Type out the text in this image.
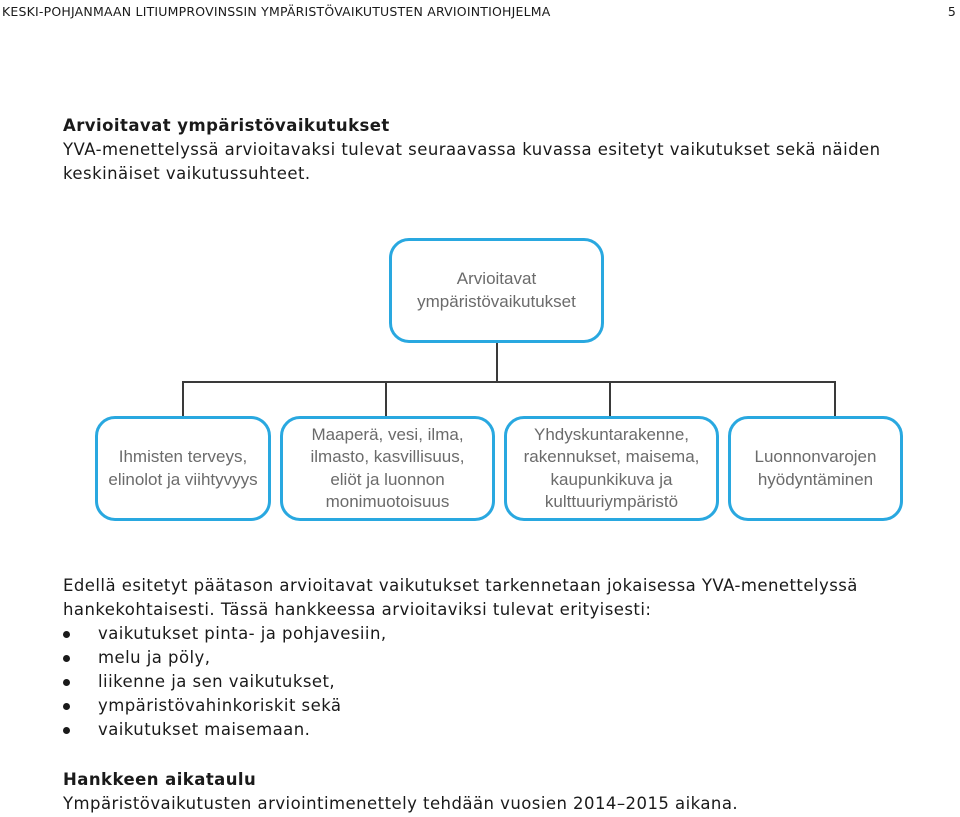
KESKI-POHJANMAAN LITIUMPROVINSSIN YMPÄRISTÖVAIKUTUSTEN ARVIOINTIOHJELMA	5
Arvioitavat ympäristövaikutukset
YVA-menettelyssä arvioitavaksi tulevat seuraavassa kuvassa esitetyt vaikutukset sekä näiden keskinäiset vaikutussuhteet.
Arvioitavat
ympäristövaikutukset
Ihmisten terveys,
elinolot ja viihtyvyys
Maaperä, vesi, ilma,
ilmasto, kasvillisuus,
eliöt ja luonnon
monimuotoisuus
Yhdyskuntarakenne,
rakennukset, maisema,
kaupunkikuva ja
kulttuuriympäristö
Luonnonvarojen
hyödyntäminen
Edellä esitetyt päätason arvioitavat vaikutukset tarkennetaan jokaisessa YVA-menettelyssä hankekohtaisesti. Tässä hankkeessa arvioitaviksi tulevat erityisesti:
vaikutukset pinta- ja pohjavesiin,
melu ja pöly,
liikenne ja sen vaikutukset,
ympäristövahinkoriskit sekä
vaikutukset maisemaan.
Hankkeen aikataulu
Ympäristövaikutusten arviointimenettely tehdään vuosien 2014–2015 aikana.
